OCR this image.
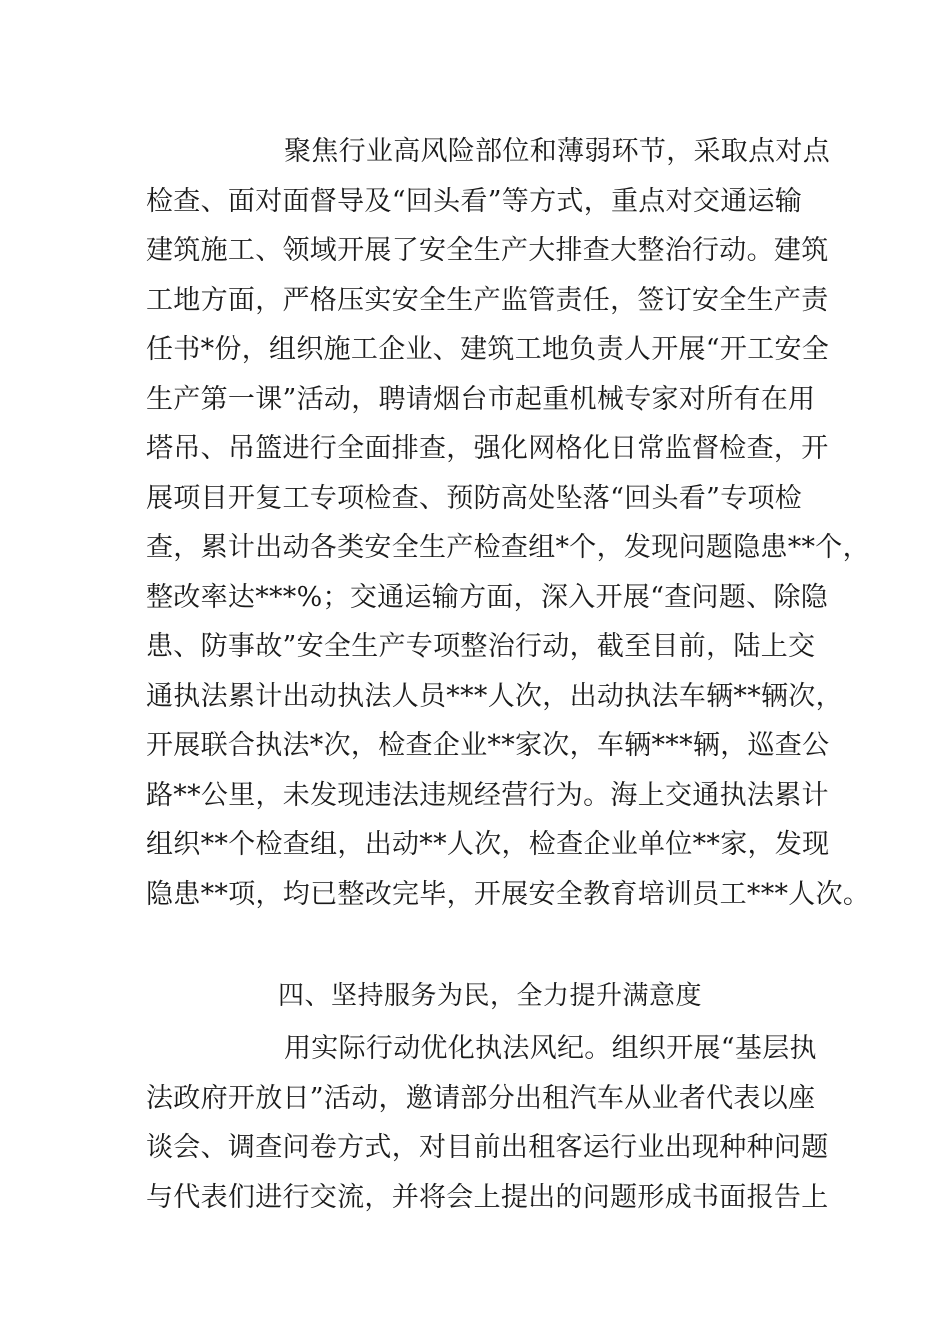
聚焦行业高风险部位和薄弱环节，采取点对点
检查、面对面督导及“回头看”等方式，重点对交通运输
建筑施工、领域开展了安全生产大排查大整治行动。建筑
工地方面，严格压实安全生产监管责任，签订安全生产责
任书*份，组织施工企业、建筑工地负责人开展“开工安全
生产第一课”活动，聘请烟台市起重机械专家对所有在用
塔吊、吊篮进行全面排查，强化网格化日常监督检查，开
展项目开复工专项检查、预防高处坠落“回头看”专项检
查，累计出动各类安全生产检查组*个，发现问题隐患**个，
整改率达***%；交通运输方面，深入开展“查问题、除隐
患、防事故”安全生产专项整治行动，截至目前，陆上交
通执法累计出动执法人员***人次，出动执法车辆**辆次，
开展联合执法*次，检查企业**家次，车辆***辆，巡查公
路**公里，未发现违法违规经营行为。海上交通执法累计
组织**个检查组，出动**人次，检查企业单位**家，发现
隐患**项，均已整改完毕，开展安全教育培训员工***人次。
四、坚持服务为民，全力提升满意度
用实际行动优化执法风纪。组织开展“基层执
法政府开放日”活动，邀请部分出租汽车从业者代表以座
谈会、调查问卷方式，对目前出租客运行业出现种种问题
与代表们进行交流，并将会上提出的问题形成书面报告上
